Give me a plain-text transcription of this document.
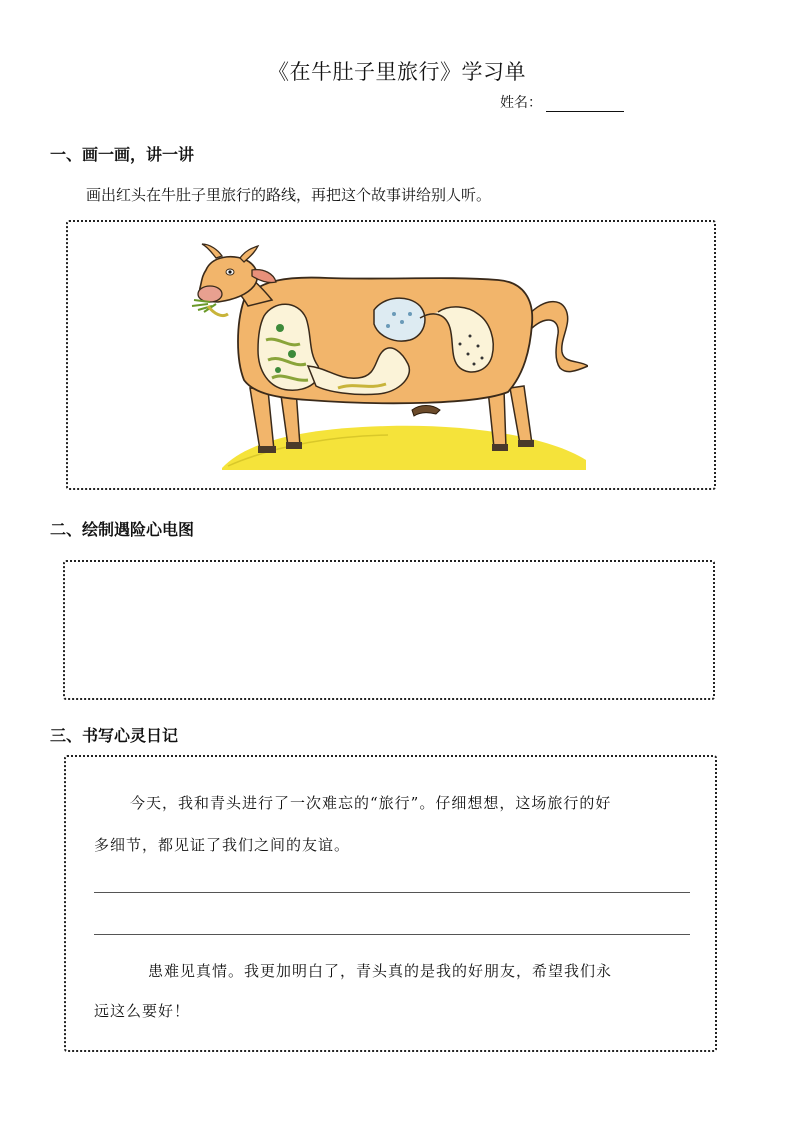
《在牛肚子里旅行》学习单
姓名：
一、画一画，讲一讲
画出红头在牛肚子里旅行的路线，再把这个故事讲给别人听。
二、绘制遇险心电图
三、书写心灵日记
今天，我和青头进行了一次难忘的“旅行”。仔细想想，这场旅行的好
多细节，都见证了我们之间的友谊。
患难见真情。我更加明白了，青头真的是我的好朋友，希望我们永
远这么要好！
